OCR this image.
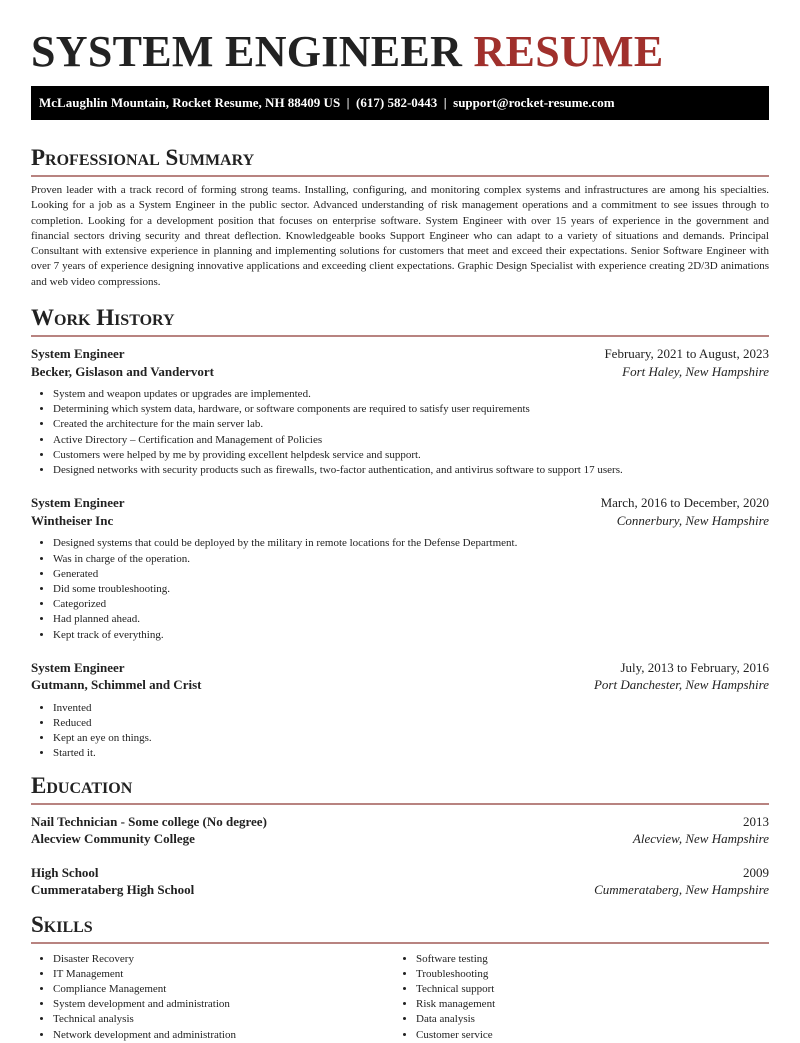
SYSTEM ENGINEER RESUME
McLaughlin Mountain, Rocket Resume, NH 88409 US  |  (617) 582-0443  |  support@rocket-resume.com
Professional Summary

Proven leader with a track record of forming strong teams. Installing, configuring, and monitoring complex systems and infrastructures are among his specialties. Looking for a job as a System Engineer in the public sector. Advanced understanding of risk management operations and a commitment to see issues through to completion. Looking for a development position that focuses on enterprise software. System Engineer with over 15 years of experience in the government and financial sectors driving security and threat deflection. Knowledgeable books Support Engineer who can adapt to a variety of situations and demands. Principal Consultant with extensive experience in planning and implementing solutions for customers that meet and exceed their expectations. Senior Software Engineer with over 7 years of experience designing innovative applications and exceeding client expectations. Graphic Design Specialist with experience creating 2D/3D animations and web video compressions.

Work History
System Engineer	February, 2021 to August, 2023
Becker, Gislason and Vandervort	Fort Haley, New Hampshire
• System and weapon updates or upgrades are implemented.
• Determining which system data, hardware, or software components are required to satisfy user requirements
• Created the architecture for the main server lab.
• Active Directory – Certification and Management of Policies
• Customers were helped by me by providing excellent helpdesk service and support.
• Designed networks with security products such as firewalls, two-factor authentication, and antivirus software to support 17 users.
System Engineer	March, 2016 to December, 2020
Wintheiser Inc	Connerbury, New Hampshire
• Designed systems that could be deployed by the military in remote locations for the Defense Department.
• Was in charge of the operation.
• Generated
• Did some troubleshooting.
• Categorized
• Had planned ahead.
• Kept track of everything.
System Engineer	July, 2013 to February, 2016
Gutmann, Schimmel and Crist	Port Danchester, New Hampshire
• Invented
• Reduced
• Kept an eye on things.
• Started it.
Education
Nail Technician - Some college (No degree)	2013
Alecview Community College	Alecview, New Hampshire
High School	2009
Cummerataberg High School	Cummerataberg, New Hampshire
Skills
• Disaster Recovery
• IT Management
• Compliance Management
• System development and administration
• Technical analysis
• Network development and administration
• Software testing
• Troubleshooting
• Technical support
• Risk management
• Data analysis
• Customer service
